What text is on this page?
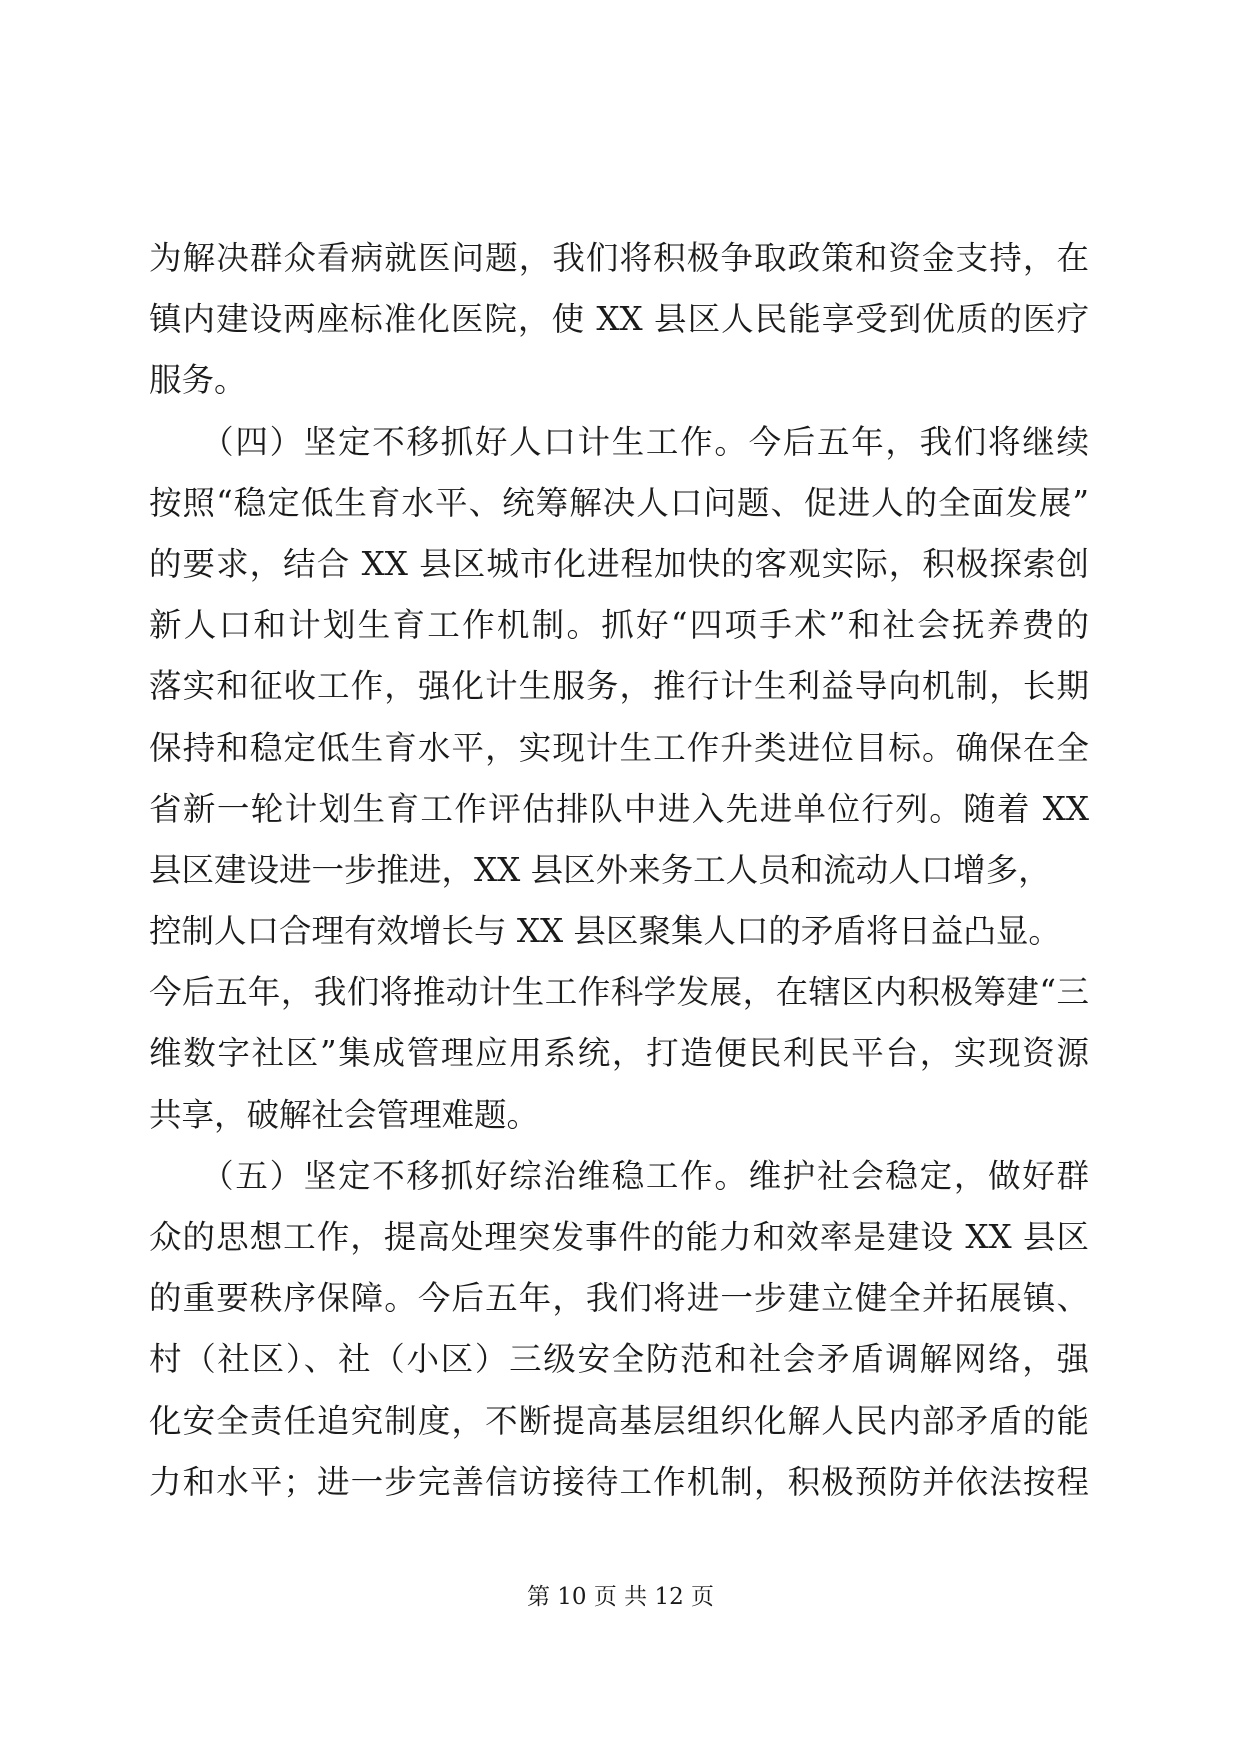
为解决群众看病就医问题，我们将积极争取政策和资金支持，在
镇内建设两座标准化医院，使 XX 县区人民能享受到优质的医疗
服务。
　　（四）坚定不移抓好人口计生工作。今后五年，我们将继续
按照“稳定低生育水平、统筹解决人口问题、促进人的全面发展”
的要求，结合 XX 县区城市化进程加快的客观实际，积极探索创
新人口和计划生育工作机制。抓好“四项手术”和社会抚养费的
落实和征收工作，强化计生服务，推行计生利益导向机制，长期
保持和稳定低生育水平，实现计生工作升类进位目标。确保在全
省新一轮计划生育工作评估排队中进入先进单位行列。随着 XX
县区建设进一步推进，XX 县区外来务工人员和流动人口增多，
控制人口合理有效增长与 XX 县区聚集人口的矛盾将日益凸显。
今后五年，我们将推动计生工作科学发展，在辖区内积极筹建“三
维数字社区”集成管理应用系统，打造便民利民平台，实现资源
共享，破解社会管理难题。
　　（五）坚定不移抓好综治维稳工作。维护社会稳定，做好群
众的思想工作，提高处理突发事件的能力和效率是建设 XX 县区
的重要秩序保障。今后五年，我们将进一步建立健全并拓展镇、
村（社区）、社（小区）三级安全防范和社会矛盾调解网络，强
化安全责任追究制度，不断提高基层组织化解人民内部矛盾的能
力和水平；进一步完善信访接待工作机制，积极预防并依法按程
第 10 页 共 12 页
